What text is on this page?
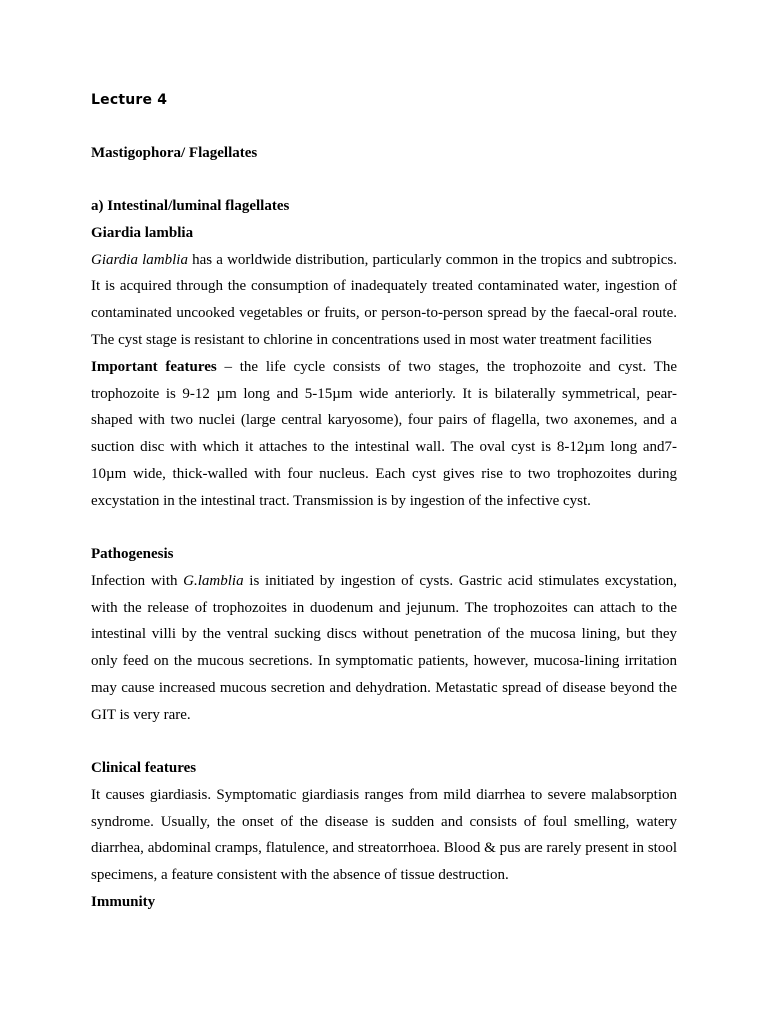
Lecture 4
Mastigophora/ Flagellates
a) Intestinal/luminal flagellates
Giardia lamblia

Giardia lamblia has a worldwide distribution, particularly common in the tropics and subtropics. It is acquired through the consumption of inadequately treated contaminated water, ingestion of contaminated uncooked vegetables or fruits, or person-to-person spread by the faecal-oral route. The cyst stage is resistant to chlorine in concentrations used in most water treatment facilities

Important features – the life cycle consists of two stages, the trophozoite and cyst. The trophozoite is 9-12 µm long and 5-15µm wide anteriorly. It is bilaterally symmetrical, pear-shaped with two nuclei (large central karyosome), four pairs of flagella, two axonemes, and a suction disc with which it attaches to the intestinal wall. The oval cyst is 8-12µm long and7-10µm wide, thick-walled with four nucleus. Each cyst gives rise to two trophozoites during excystation in the intestinal tract. Transmission is by ingestion of the infective cyst.

Pathogenesis

Infection with G.lamblia is initiated by ingestion of cysts. Gastric acid stimulates excystation, with the release of trophozoites in duodenum and jejunum. The trophozoites can attach to the intestinal villi by the ventral sucking discs without penetration of the mucosa lining, but they only feed on the mucous secretions. In symptomatic patients, however, mucosa-lining irritation may cause increased mucous secretion and dehydration. Metastatic spread of disease beyond the GIT is very rare.

Clinical features

It causes giardiasis. Symptomatic giardiasis ranges from mild diarrhea to severe malabsorption syndrome. Usually, the onset of the disease is sudden and consists of foul smelling, watery diarrhea, abdominal cramps, flatulence, and streatorrhoea. Blood & pus are rarely present in stool specimens, a feature consistent with the absence of tissue destruction.

Immunity
